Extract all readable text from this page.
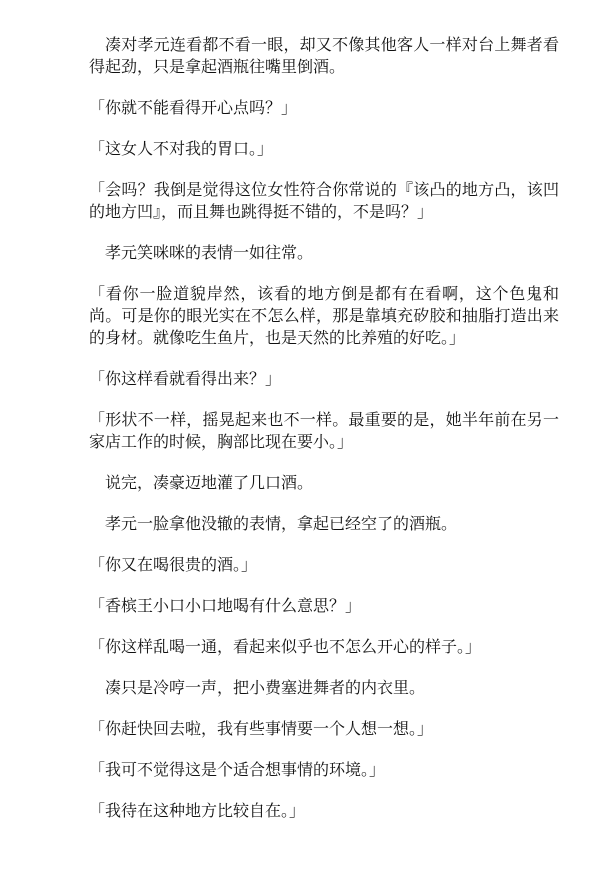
凑对孝元连看都不看一眼，却又不像其他客人一样对台上舞者看得起劲，只是拿起酒瓶往嘴里倒酒。

「你就不能看得开心点吗？」

「这女人不对我的胃口。」

「会吗？我倒是觉得这位女性符合你常说的『该凸的地方凸，该凹的地方凹』，而且舞也跳得挺不错的，不是吗？」

孝元笑咪咪的表情一如往常。

「看你一脸道貌岸然，该看的地方倒是都有在看啊，这个色鬼和尚。可是你的眼光实在不怎么样，那是靠填充矽胶和抽脂打造出来的身材。就像吃生鱼片，也是天然的比养殖的好吃。」

「你这样看就看得出来？」

「形状不一样，摇晃起来也不一样。最重要的是，她半年前在另一家店工作的时候，胸部比现在要小。」

说完，凑豪迈地灌了几口酒。

孝元一脸拿他没辙的表情，拿起已经空了的酒瓶。

「你又在喝很贵的酒。」

「香槟王小口小口地喝有什么意思？」

「你这样乱喝一通，看起来似乎也不怎么开心的样子。」

凑只是冷哼一声，把小费塞进舞者的内衣里。

「你赶快回去啦，我有些事情要一个人想一想。」

「我可不觉得这是个适合想事情的环境。」

「我待在这种地方比较自在。」
